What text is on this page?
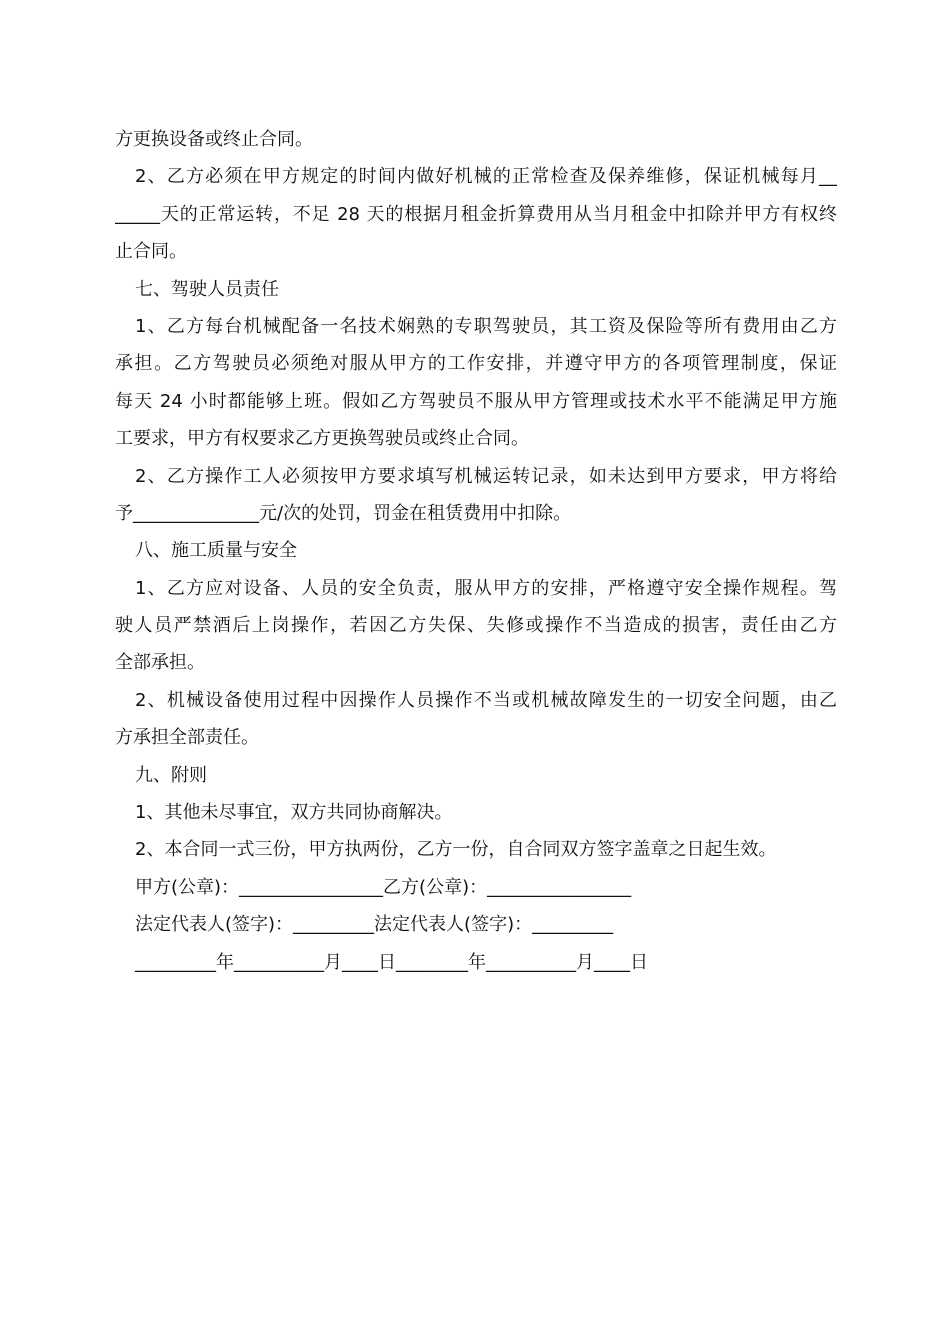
方更换设备或终止合同。

2、乙方必须在甲方规定的时间内做好机械的正常检查及保养维修，保证机械每月__

_____天的正常运转，不足 28 天的根据月租金折算费用从当月租金中扣除并甲方有权终

止合同。

七、驾驶人员责任

1、乙方每台机械配备一名技术娴熟的专职驾驶员，其工资及保险等所有费用由乙方

承担。乙方驾驶员必须绝对服从甲方的工作安排，并遵守甲方的各项管理制度，保证

每天 24 小时都能够上班。假如乙方驾驶员不服从甲方管理或技术水平不能满足甲方施

工要求，甲方有权要求乙方更换驾驶员或终止合同。

2、乙方操作工人必须按甲方要求填写机械运转记录，如未达到甲方要求，甲方将给

予______________元/次的处罚，罚金在租赁费用中扣除。

八、施工质量与安全

1、乙方应对设备、人员的安全负责，服从甲方的安排，严格遵守安全操作规程。驾

驶人员严禁酒后上岗操作，若因乙方失保、失修或操作不当造成的损害，责任由乙方

全部承担。

2、机械设备使用过程中因操作人员操作不当或机械故障发生的一切安全问题，由乙

方承担全部责任。

九、附则

1、其他未尽事宜，双方共同协商解决。

2、本合同一式三份，甲方执两份，乙方一份，自合同双方签字盖章之日起生效。

甲方(公章)：________________乙方(公章)：________________

法定代表人(签字)：_________法定代表人(签字)：_________

_________年__________月____日________年__________月____日
